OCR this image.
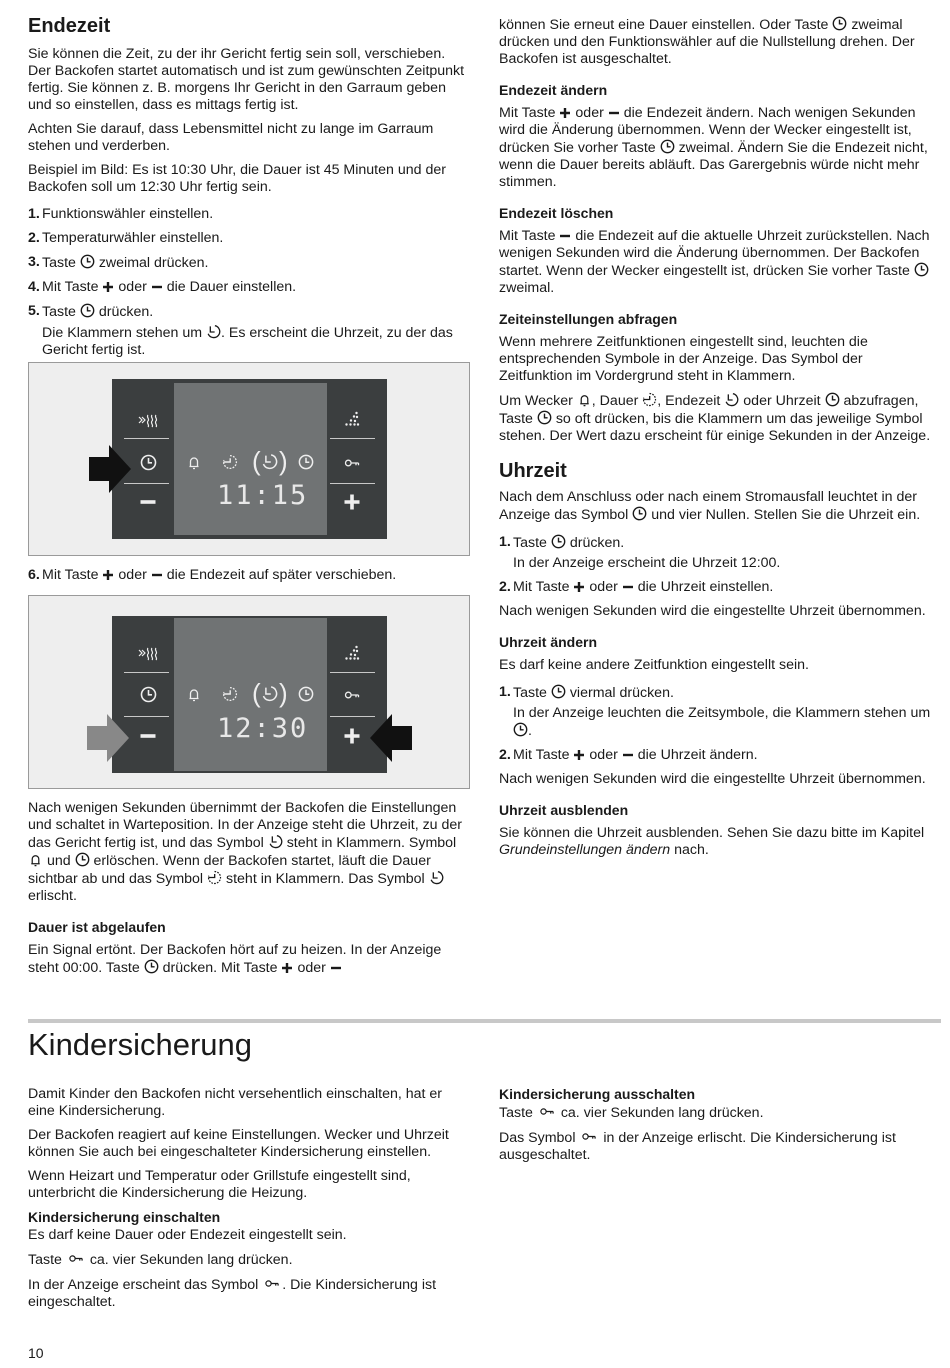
Endezeit

Sie können die Zeit, zu der ihr Gericht fertig sein soll, verschieben. Der Backofen startet automatisch und ist zum gewünschten Zeitpunkt fertig. Sie können z. B. morgens Ihr Gericht in den Garraum geben und so einstellen, dass es mittags fertig ist.

Achten Sie darauf, dass Lebensmittel nicht zu lange im Garraum stehen und verderben.

Beispiel im Bild: Es ist 10:30 Uhr, die Dauer ist 45 Minuten und der Backofen soll um 12:30 Uhr fertig sein.

1. Funktionswähler einstellen.
2. Temperaturwähler einstellen.
3. Taste zweimal drücken.
4. Mit Taste oder die Dauer einstellen.
5. Taste drücken.
Die Klammern stehen um . Es erscheint die Uhrzeit, zu der das Gericht fertig ist.
( )
11:15
6. Mit Taste oder die Endezeit auf später verschieben.
( )
12:30

Nach wenigen Sekunden übernimmt der Backofen die Einstellungen und schaltet in Warteposition. In der Anzeige steht die Uhrzeit, zu der das Gericht fertig ist, und das Symbol steht in Klammern. Symbol
und erlöschen. Wenn der Backofen startet, läuft die Dauer sichtbar ab und das Symbol steht in Klammern. Das Symbol
erlischt.

Dauer ist abgelaufen

Ein Signal ertönt. Der Backofen hört auf zu heizen. In der Anzeige steht 00:00. Taste drücken. Mit Taste oder

können Sie erneut eine Dauer einstellen. Oder Taste zweimal drücken und den Funktionswähler auf die Nullstellung drehen. Der Backofen ist ausgeschaltet.

Endezeit ändern

Mit Taste oder die Endezeit ändern. Nach wenigen Sekunden wird die Änderung übernommen. Wenn der Wecker eingestellt ist, drücken Sie vorher Taste zweimal. Ändern Sie die Endezeit nicht, wenn die Dauer bereits abläuft. Das Garergebnis würde nicht mehr stimmen.

Endezeit löschen

Mit Taste die Endezeit auf die aktuelle Uhrzeit zurückstellen. Nach wenigen Sekunden wird die Änderung übernommen. Der Backofen startet. Wenn der Wecker eingestellt ist, drücken Sie vorher Taste
zweimal.

Zeiteinstellungen abfragen

Wenn mehrere Zeitfunktionen eingestellt sind, leuchten die entsprechenden Symbole in der Anzeige. Das Symbol der Zeitfunktion im Vordergrund steht in Klammern.

Um Wecker , Dauer , Endezeit oder Uhrzeit abzufragen, Taste so oft drücken, bis die Klammern um das jeweilige Symbol stehen. Der Wert dazu erscheint für einige Sekunden in der Anzeige.

Uhrzeit

Nach dem Anschluss oder nach einem Stromausfall leuchtet in der Anzeige das Symbol und vier Nullen. Stellen Sie die Uhrzeit ein.

1. Taste drücken.
In der Anzeige erscheint die Uhrzeit 12:00.
2. Mit Taste oder die Uhrzeit einstellen.

Nach wenigen Sekunden wird die eingestellte Uhrzeit übernommen.

Uhrzeit ändern

Es darf keine andere Zeitfunktion eingestellt sein.

1. Taste viermal drücken.
In der Anzeige leuchten die Zeitsymbole, die Klammern stehen um
.
2. Mit Taste oder die Uhrzeit ändern.

Nach wenigen Sekunden wird die eingestellte Uhrzeit übernommen.

Uhrzeit ausblenden

Sie können die Uhrzeit ausblenden. Sehen Sie dazu bitte im Kapitel Grundeinstellungen ändern nach.

Kindersicherung

Damit Kinder den Backofen nicht versehentlich einschalten, hat er eine Kindersicherung.

Der Backofen reagiert auf keine Einstellungen. Wecker und Uhrzeit können Sie auch bei eingeschalteter Kindersicherung einstellen.

Wenn Heizart und Temperatur oder Grillstufe eingestellt sind, unterbricht die Kindersicherung die Heizung.

Kindersicherung einschalten

Es darf keine Dauer oder Endezeit eingestellt sein.

Taste ca. vier Sekunden lang drücken.

In der Anzeige erscheint das Symbol . Die Kindersicherung ist eingeschaltet.

Kindersicherung ausschalten

Taste ca. vier Sekunden lang drücken.

Das Symbol in der Anzeige erlischt. Die Kindersicherung ist ausgeschaltet.

10
